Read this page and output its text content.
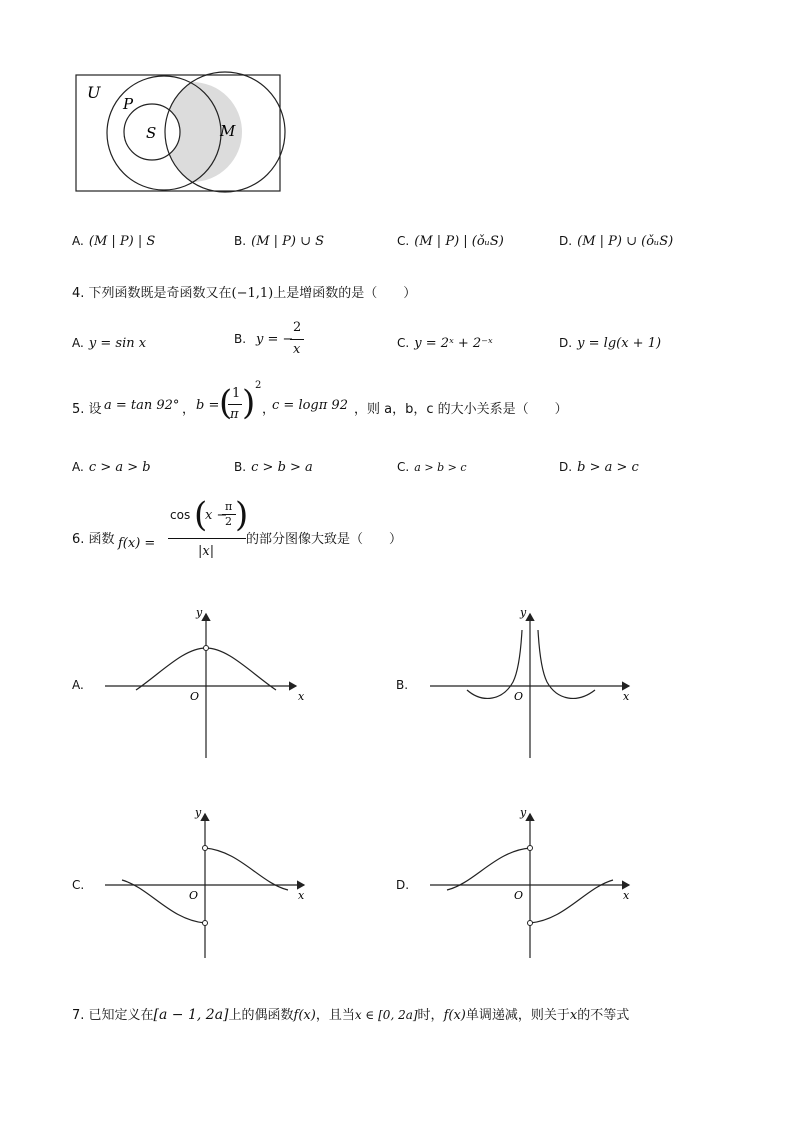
U
P
S	M
A. (M | P) | S	B. (M | P) ∪ S	C. (M | P) | (ǒᵤS)	D. (M | P) ∪ (ǒᵤS)
4. 下列函数既是奇函数又在(−1,1)上是增函数的是（　　）
A. y = sin x	B. y = −
2
x	C. y = 2ˣ + 2⁻ˣ	D. y = lg(x + 1)
5. 设 a = tan 92° ， b = ( 1
π ) 2
，
c = logπ 92 ，则 a，b，c 的大小关系是（　　）
A. c > a > b	B. c > b > a	C. a > b > c	D. b > a > c
6. 函数 f(x) =
cos (
x −
π
2 )
|x|
的部分图像大致是（　　）
A.	B.
C.	D.
y
x
O
y
x
O
y
x
O
y
x
O
7. 已知定义在[a − 1, 2a]上的偶函数f(x)，且当x ∈ [0, 2a]时，f(x)单调递减，则关于x的不等式
